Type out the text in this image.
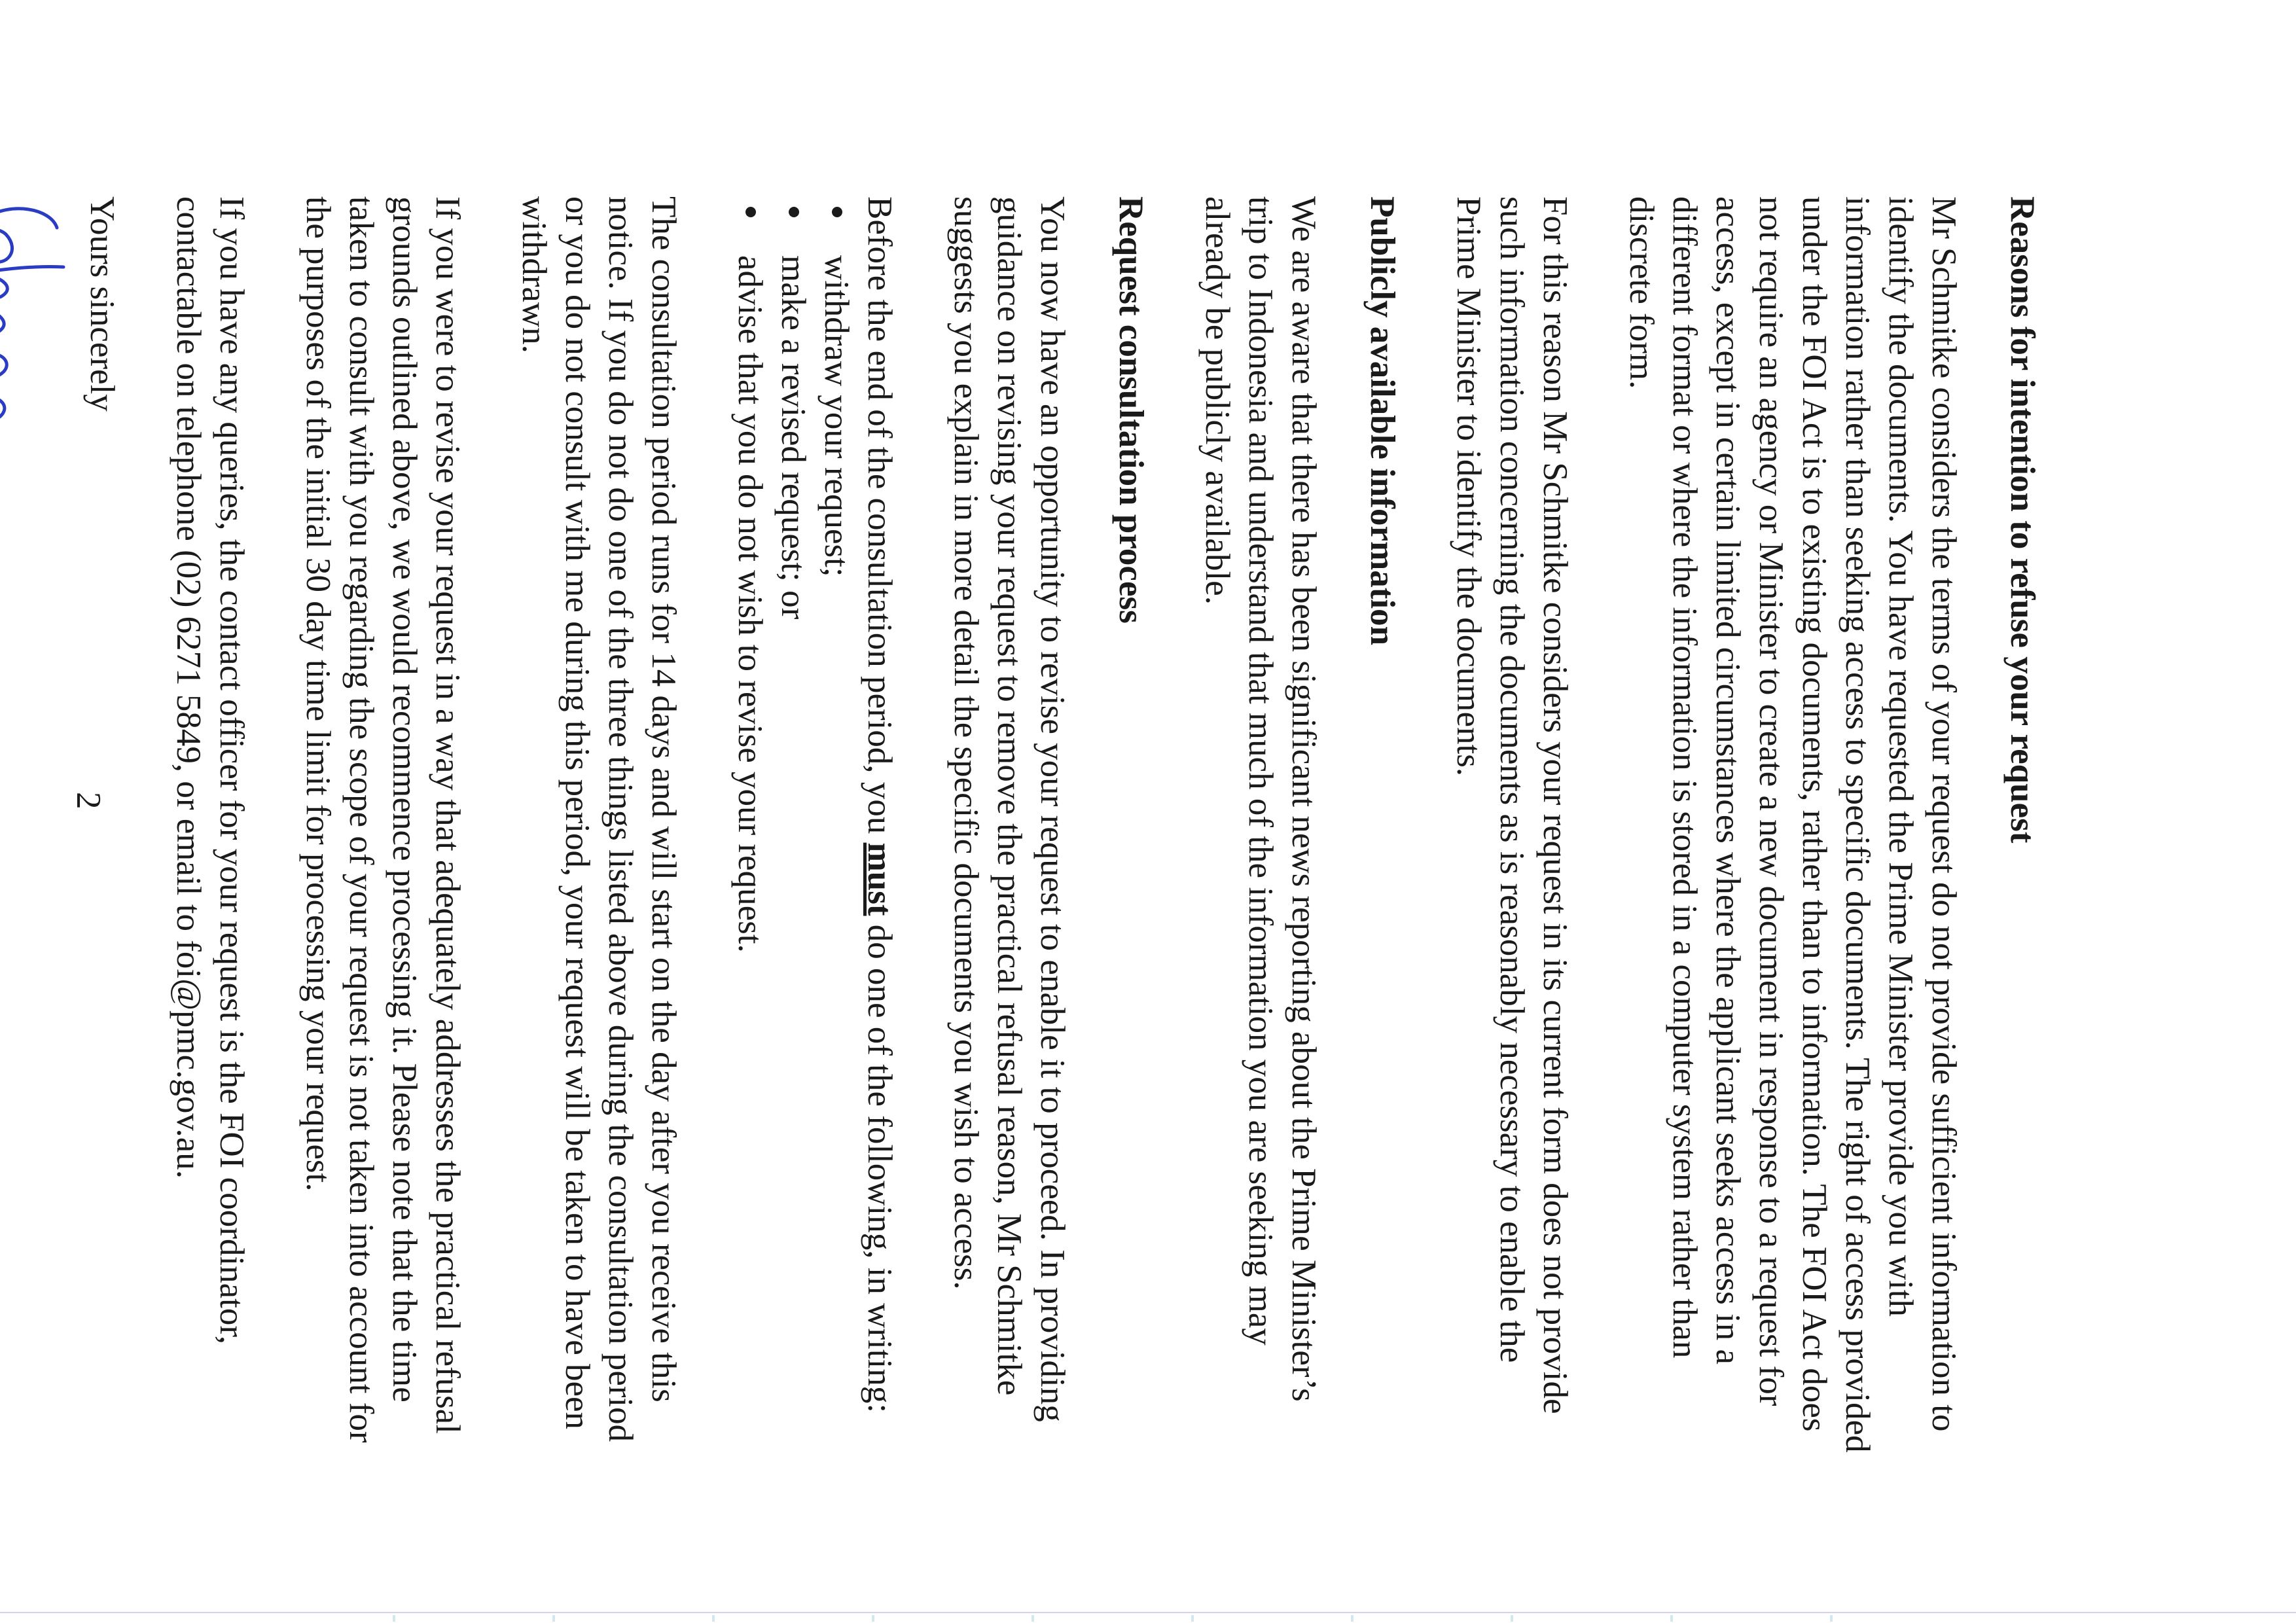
Reasons for intention to refuse your request

Mr Schmitke considers the terms of your request do not provide sufficient information to identify the documents. You have requested the Prime Minister provide you with information rather than seeking access to specific documents. The right of access provided under the FOI Act is to existing documents, rather than to information. The FOI Act does not require an agency or Minister to create a new document in response to a request for access, except in certain limited circumstances where the applicant seeks access in a different format or where the information is stored in a computer system rather than discrete form.

For this reason Mr Schmitke considers your request in its current form does not provide such information concerning the documents as is reasonably necessary to enable the Prime Minister to identify the documents.

Publicly available information

We are aware that there has been significant news reporting about the Prime Minister’s trip to Indonesia and understand that much of the information you are seeking may already be publicly available.

Request consultation process

You now have an opportunity to revise your request to enable it to proceed. In providing guidance on revising your request to remove the practical refusal reason, Mr Schmitke suggests you explain in more detail the specific documents you wish to access.

Before the end of the consultation period, you must do one of the following, in writing:

withdraw your request;
make a revised request; or
advise that you do not wish to revise your request.

The consultation period runs for 14 days and will start on the day after you receive this notice. If you do not do one of the three things listed above during the consultation period or you do not consult with me during this period, your request will be taken to have been withdrawn.

If you were to revise your request in a way that adequately addresses the practical refusal grounds outlined above, we would recommence processing it. Please note that the time taken to consult with you regarding the scope of your request is not taken into account for the purposes of the initial 30 day time limit for processing your request.

If you have any queries, the contact officer for your request is the FOI coordinator, contactable on telephone (02) 6271 5849, or email to foi@pmc.gov.au.

Yours sincerely
2
